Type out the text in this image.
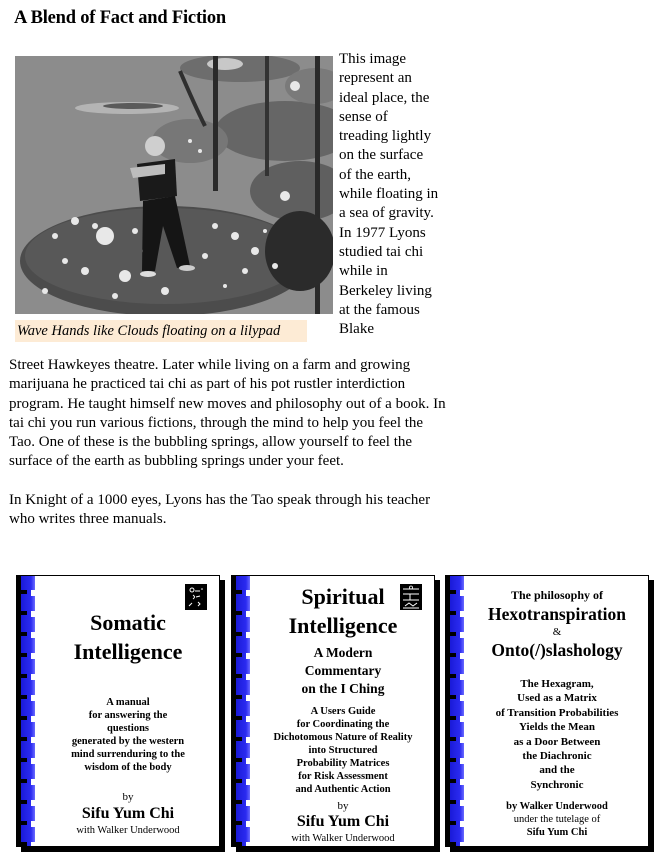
A Blend of Fact and Fiction
Wave Hands like Clouds floating on a lilypad
This image represent an ideal place, the sense of treading lightly on the surface of the earth, while floating in a sea of gravity. In 1977 Lyons studied tai chi while in Berkeley living at the famous Blake

Street Hawkeyes theatre. Later while living on a farm and growing marijuana he practiced tai chi as part of his pot rustler interdiction program. He taught himself new moves and philosophy out of a book. In tai chi you run various fictions, through the mind to help you feel the Tao. One of these is the bubbling springs, allow yourself to feel the surface of the earth as bubbling springs under your feet.

In Knight of a 1000 eyes, Lyons has the Tao speak through his teacher who writes three manuals.

Somatic
Intelligence
A manual
for answering the
questions
generated by the western
mind surrenduring to the
wisdom of the body
by
Sifu Yum Chi
with Walker Underwood
Spiritual
Intelligence
A Modern
Commentary
on the I Ching
A Users Guide
for Coordinating the
Dichotomous Nature of Reality
into Structured
Probability Matrices
for Risk Assessment
and Authentic Action
by
Sifu Yum Chi
with Walker Underwood
The philosophy of
Hexotranspiration
&
Onto(/)slashology
The Hexagram,
Used as a Matrix
of Transition Probabilities
Yields the Mean
as a Door Between
the Diachronic
and the
Synchronic
by Walker Underwood
under the tutelage of
Sifu Yum Chi
